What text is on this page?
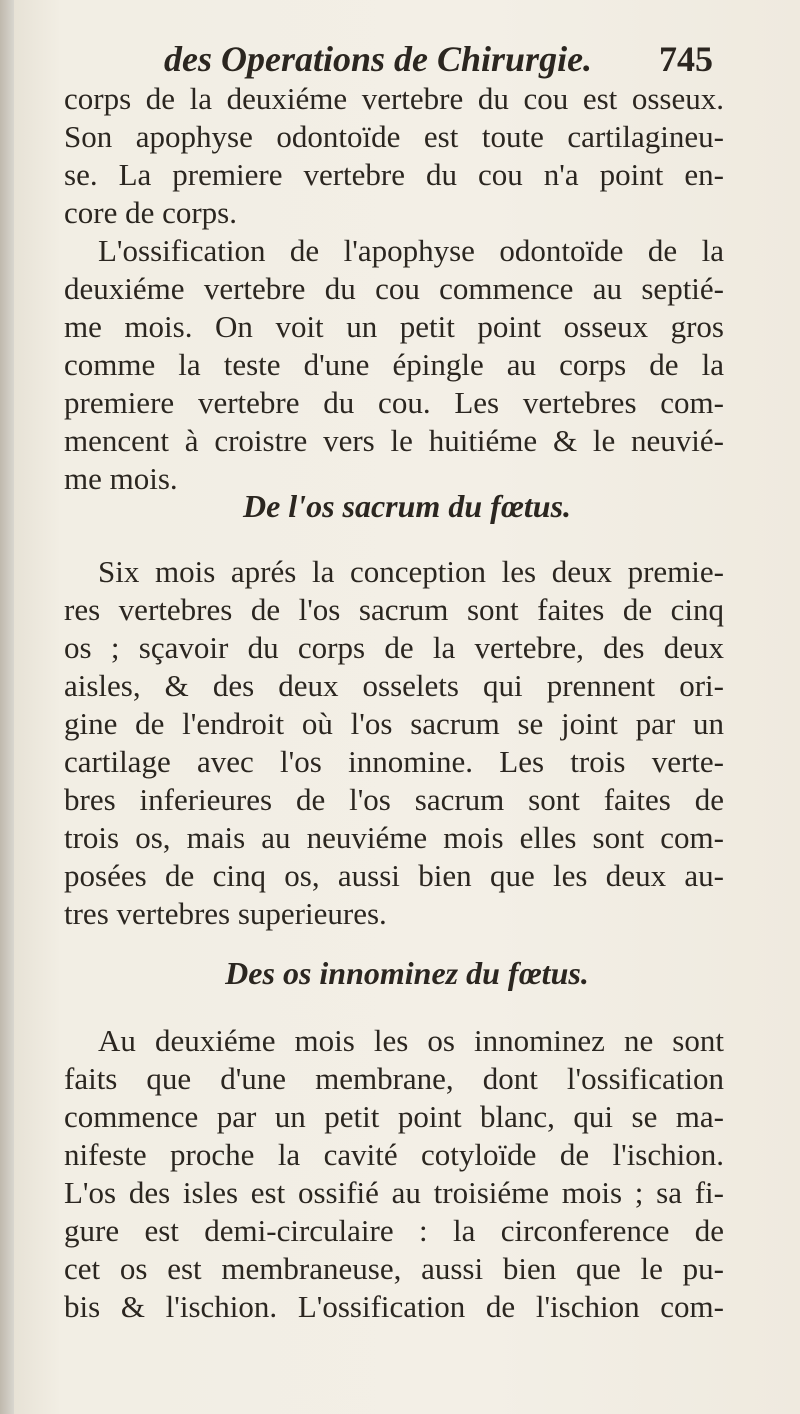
des Operations de Chirurgie. 745
corps de la deuxiéme vertebre du cou est osseux.
Son apophyse odontoïde est toute cartilagineu-
se. La premiere vertebre du cou n'a point en-
core de corps.
L'ossification de l'apophyse odontoïde de la
deuxiéme vertebre du cou commence au septié-
me mois. On voit un petit point osseux gros
comme la teste d'une épingle au corps de la
premiere vertebre du cou. Les vertebres com-
mencent à croistre vers le huitiéme & le neuvié-
me mois.
De l'os sacrum du fœtus.
Six mois aprés la conception les deux premie-
res vertebres de l'os sacrum sont faites de cinq
os ; sçavoir du corps de la vertebre, des deux
aisles, & des deux osselets qui prennent ori-
gine de l'endroit où l'os sacrum se joint par un
cartilage avec l'os innomine. Les trois verte-
bres inferieures de l'os sacrum sont faites de
trois os, mais au neuviéme mois elles sont com-
posées de cinq os, aussi bien que les deux au-
tres vertebres superieures.
Des os innominez du fœtus.
Au deuxiéme mois les os innominez ne sont
faits que d'une membrane, dont l'ossification
commence par un petit point blanc, qui se ma-
nifeste proche la cavité cotyloïde de l'ischion.
L'os des isles est ossifié au troisiéme mois ; sa fi-
gure est demi-circulaire : la circonference de
cet os est membraneuse, aussi bien que le pu-
bis & l'ischion. L'ossification de l'ischion com-
